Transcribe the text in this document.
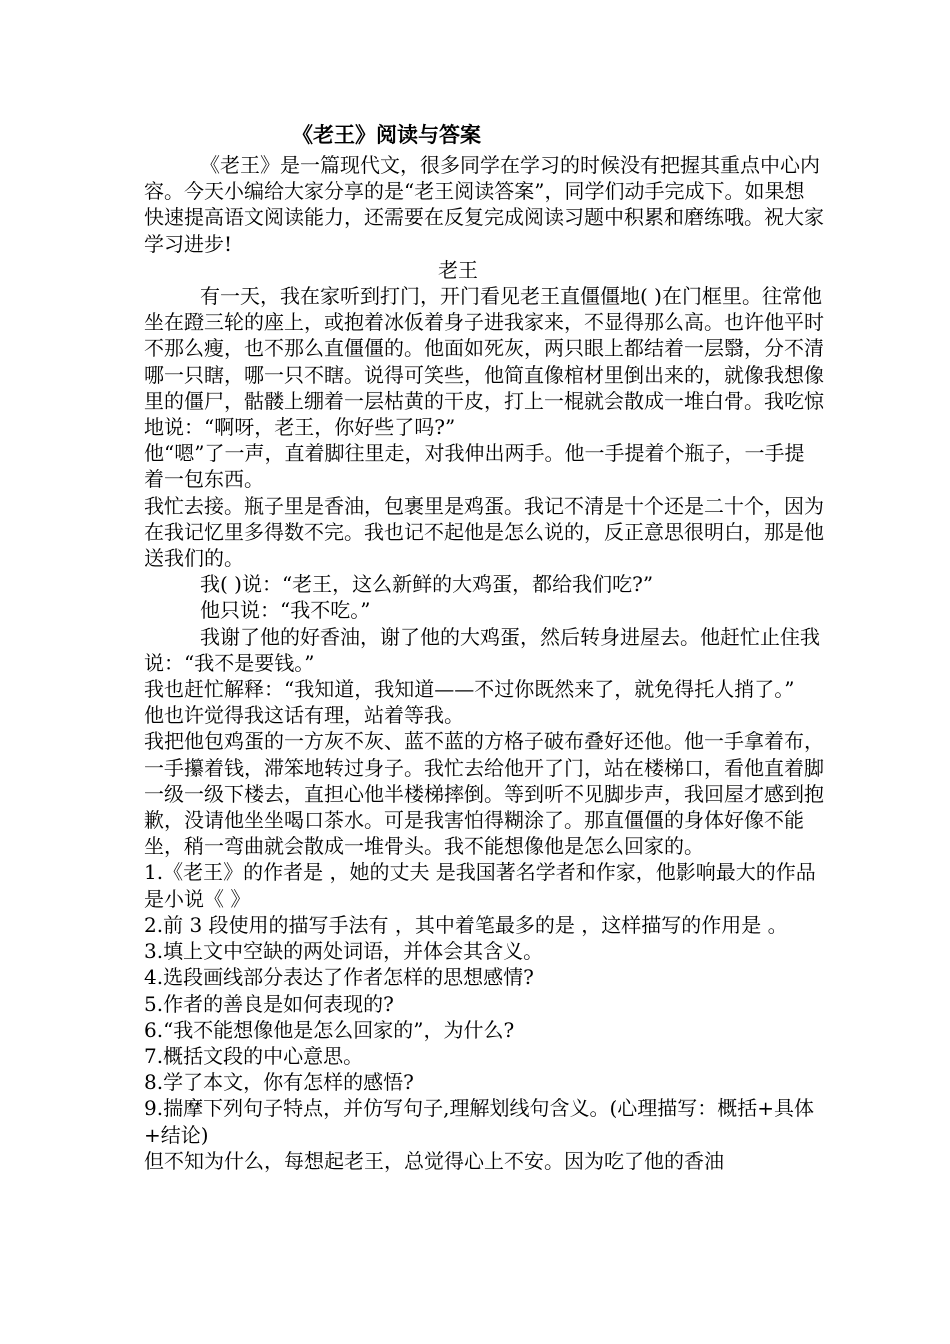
《老王》阅读与答案

《老王》是一篇现代文，很多同学在学习的时候没有把握其重点中心内容。今天小编给大家分享的是“老王阅读答案”，同学们动手完成下。如果想快速提高语文阅读能力，还需要在反复完成阅读习题中积累和磨练哦。祝大家学习进步!

老王

有一天，我在家听到打门，开门看见老王直僵僵地( )在门框里。往常他坐在蹬三轮的座上，或抱着冰仮着身子进我家来，不显得那么高。也许他平时不那么瘦，也不那么直僵僵的。他面如死灰，两只眼上都结着一层翳，分不清哪一只瞎，哪一只不瞎。说得可笑些，他简直像棺材里倒出来的，就像我想像里的僵尸，骷髅上绷着一层枯黄的干皮，打上一棍就会散成一堆白骨。我吃惊地说：“啊呀，老王，你好些了吗?”

他“嗯”了一声，直着脚往里走，对我伸出两手。他一手提着个瓶子，一手提着一包东西。

我忙去接。瓶子里是香油，包裹里是鸡蛋。我记不清是十个还是二十个，因为在我记忆里多得数不完。我也记不起他是怎么说的，反正意思很明白，那是他送我们的。

我( )说：“老王，这么新鲜的大鸡蛋，都给我们吃?”

他只说：“我不吃。”

我谢了他的好香油，谢了他的大鸡蛋，然后转身进屋去。他赶忙止住我说：“我不是要钱。”

我也赶忙解释：“我知道，我知道——不过你既然来了，就免得托人捎了。”

他也许觉得我这话有理，站着等我。

我把他包鸡蛋的一方灰不灰、蓝不蓝的方格子破布叠好还他。他一手拿着布，一手攥着钱，滞笨地转过身子。我忙去给他开了门，站在楼梯口，看他直着脚一级一级下楼去，直担心他半楼梯摔倒。等到听不见脚步声，我回屋才感到抱歉，没请他坐坐喝口茶水。可是我害怕得糊涂了。那直僵僵的身体好像不能坐，稍一弯曲就会散成一堆骨头。我不能想像他是怎么回家的。

1.《老王》的作者是 ，她的丈夫 是我国著名学者和作家，他影响最大的作品是小说《 》

2.前 3 段使用的描写手法有 ，其中着笔最多的是 ，这样描写的作用是 。

3.填上文中空缺的两处词语，并体会其含义。

4.选段画线部分表达了作者怎样的思想感情?

5.作者的善良是如何表现的?

6.“我不能想像他是怎么回家的”，为什么?

7.概括文段的中心意思。

8.学了本文，你有怎样的感悟?

9.揣摩下列句子特点，并仿写句子,理解划线句含义。(心理描写：概括+具体+结论)

但不知为什么，每想起老王，总觉得心上不安。因为吃了他的香油
